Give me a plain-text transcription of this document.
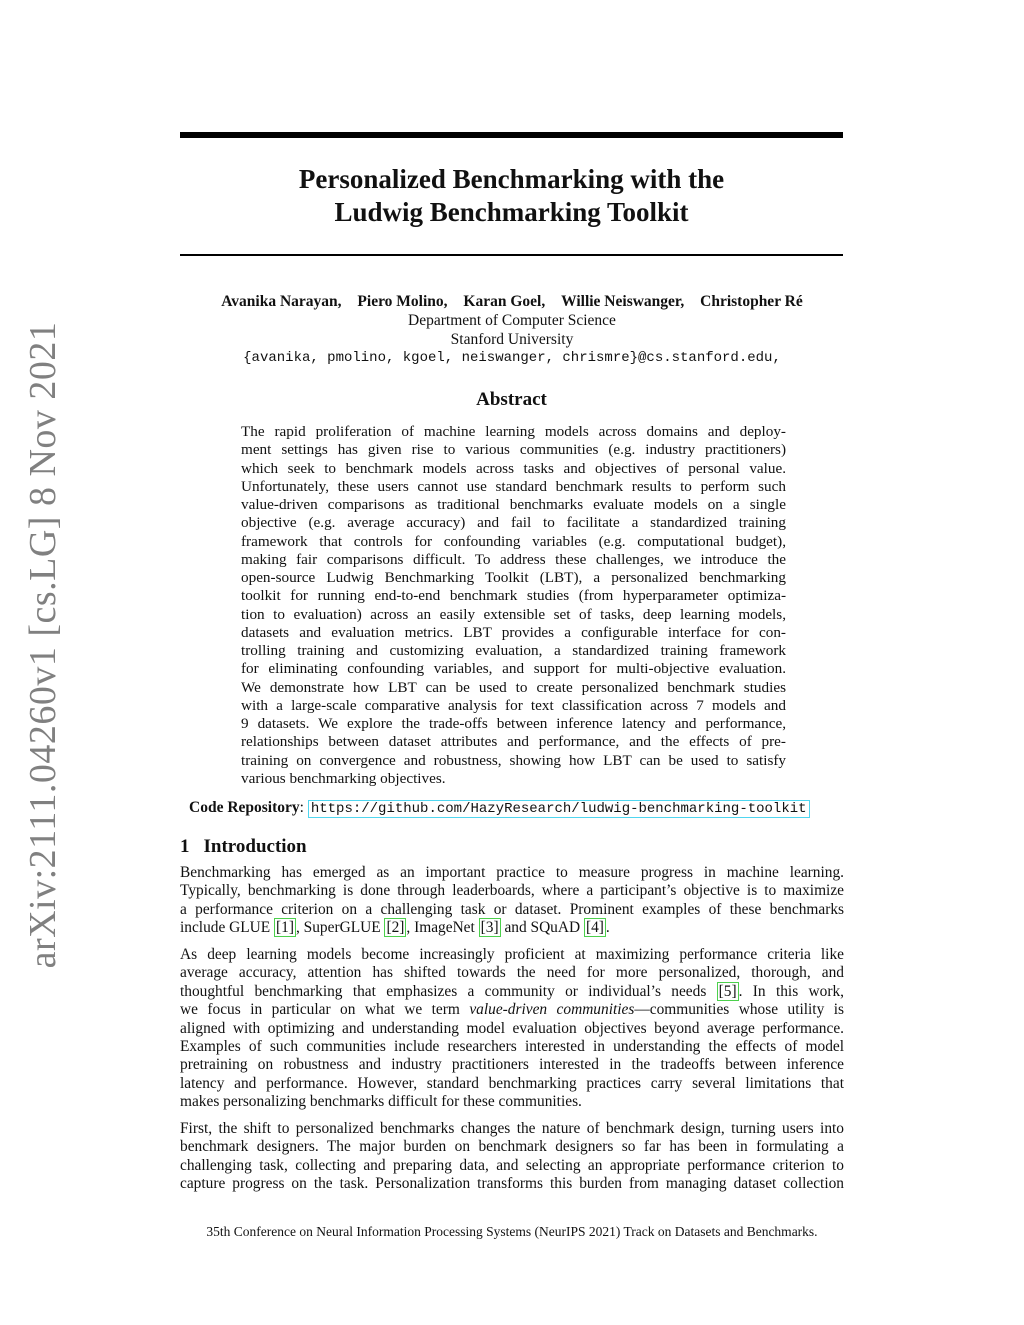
arXiv:2111.04260v1 [cs.LG] 8 Nov 2021
Personalized Benchmarking with the
Ludwig Benchmarking Toolkit
Avanika Narayan, Piero Molino, Karan Goel, Willie Neiswanger, Christopher Ré
Department of Computer Science
Stanford University
{avanika, pmolino, kgoel, neiswanger, chrismre}@cs.stanford.edu,
Abstract
The rapid proliferation of machine learning models across domains and deploy-
ment settings has given rise to various communities (e.g. industry practitioners)
which seek to benchmark models across tasks and objectives of personal value.
Unfortunately, these users cannot use standard benchmark results to perform such
value-driven comparisons as traditional benchmarks evaluate models on a single
objective (e.g. average accuracy) and fail to facilitate a standardized training
framework that controls for confounding variables (e.g. computational budget),
making fair comparisons difficult. To address these challenges, we introduce the
open-source Ludwig Benchmarking Toolkit (LBT), a personalized benchmarking
toolkit for running end-to-end benchmark studies (from hyperparameter optimiza-
tion to evaluation) across an easily extensible set of tasks, deep learning models,
datasets and evaluation metrics. LBT provides a configurable interface for con-
trolling training and customizing evaluation, a standardized training framework
for eliminating confounding variables, and support for multi-objective evaluation.
We demonstrate how LBT can be used to create personalized benchmark studies
with a large-scale comparative analysis for text classification across 7 models and
9 datasets. We explore the trade-offs between inference latency and performance,
relationships between dataset attributes and performance, and the effects of pre-
training on convergence and robustness, showing how LBT can be used to satisfy
various benchmarking objectives.
Code Repository: https://github.com/HazyResearch/ludwig-benchmarking-toolkit
1 Introduction
Benchmarking has emerged as an important practice to measure progress in machine learning.
Typically, benchmarking is done through leaderboards, where a participant’s objective is to maximize
a performance criterion on a challenging task or dataset. Prominent examples of these benchmarks
include GLUE [1] , SuperGLUE [2] , ImageNet [3] and SQuAD [4] .
As deep learning models become increasingly proficient at maximizing performance criteria like
average accuracy, attention has shifted towards the need for more personalized, thorough, and
thoughtful benchmarking that emphasizes a community or individual’s needs [5] . In this work,
we focus in particular on what we term value-driven communities—communities whose utility is
aligned with optimizing and understanding model evaluation objectives beyond average performance.
Examples of such communities include researchers interested in understanding the effects of model
pretraining on robustness and industry practitioners interested in the tradeoffs between inference
latency and performance. However, standard benchmarking practices carry several limitations that
makes personalizing benchmarks difficult for these communities.
First, the shift to personalized benchmarks changes the nature of benchmark design, turning users into
benchmark designers. The major burden on benchmark designers so far has been in formulating a
challenging task, collecting and preparing data, and selecting an appropriate performance criterion to
capture progress on the task. Personalization transforms this burden from managing dataset collection
35th Conference on Neural Information Processing Systems (NeurIPS 2021) Track on Datasets and Benchmarks.
